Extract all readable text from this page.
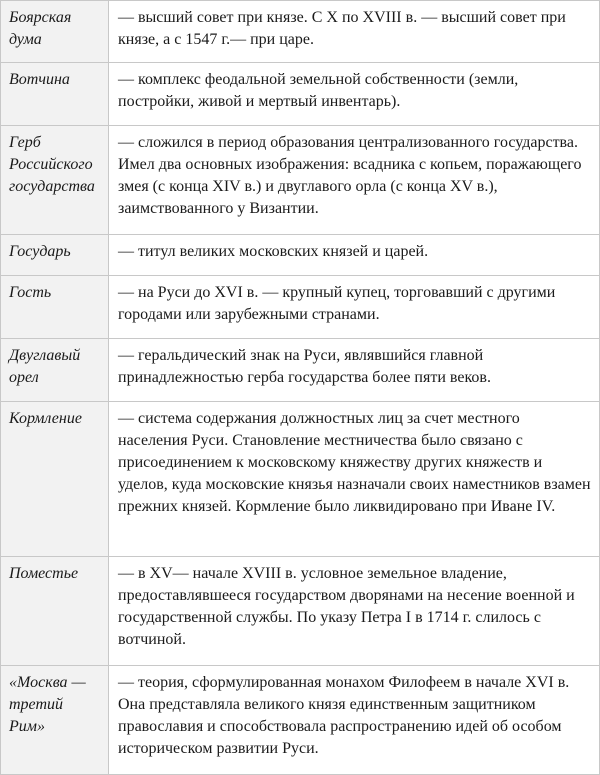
Боярская дума	— высший совет при князе. С X по XVIII в. — высший совет при князе, а с 1547 г.— при царе.
Вотчина	— комплекс феодальной земельной собственности (земли, постройки, живой и мертвый инвентарь).
Герб Российского государства	— сложился в период образования централизованного государства. Имел два основных изображения: всадника с копьем, поражающего змея (с конца XIV в.) и двуглавого орла (с конца XV в.), заимствованного у Византии.
Государь	— титул великих московских князей и царей.
Гость	— на Руси до XVI в. — крупный купец, торговавший с другими городами или зарубежными странами.
Двуглавый орел	— геральдический знак на Руси, являвшийся главной принадлежностью герба государства более пяти веков.
Кормление	— система содержания должностных лиц за счет местного населения Руси. Становление местничества было связано с присоединением к московскому княжеству других княжеств и уделов, куда московские князья назначали своих наместников взамен прежних князей. Кормление было ликвидировано при Иване IV.
Поместье	— в XV— начале XVIII в. условное земельное владение, предоставлявшееся государством дворянами на несение военной и государственной службы. По указу Петра I в 1714 г. слилось с вотчиной.
«Москва — третий Рим»	— теория, сформулированная монахом Филофеем в начале XVI в. Она представляла великого князя единственным защитником православия и способствовала распространению идей об особом историческом развитии Руси.
